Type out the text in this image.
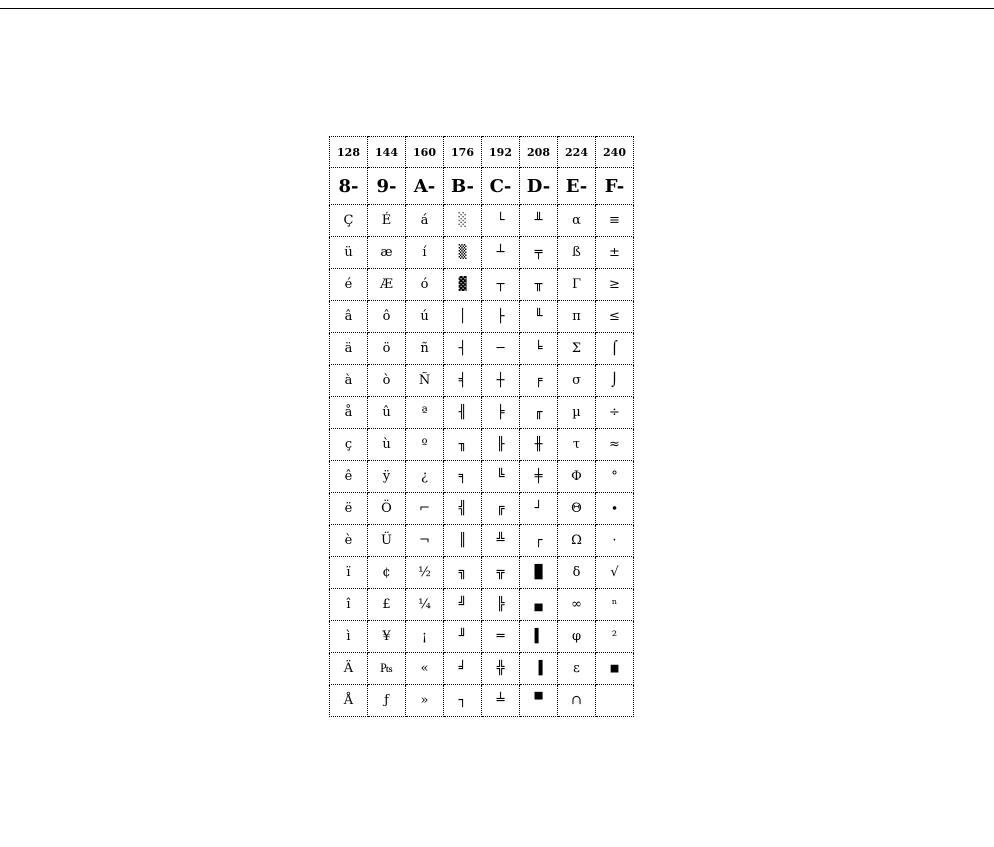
128	144	160	176	192	208	224	240
8-	9-	A-	B-	C-	D-	E-	F-
Ç	É	á	░	└	╨	α	≡
ü	æ	í	▒	┴	╤	ß	±
é	Æ	ó	▓	┬	╥	Γ	≥
â	ô	ú	│	├	╙	π	≤
ä	ö	ñ	┤	─	╘	Σ	⌠
à	ò	Ñ	╡	┼	╒	σ	⌡
å	û	ª	╢	╞	╓	µ	÷
ç	ù	º	╖	╟	╫	τ	≈
ê	ÿ	¿	╕	╚	╪	Φ	°
ë	Ö	⌐	╣	╔	┘	Θ	∙
è	Ü	¬	║	╩	┌	Ω	·
ï	¢	½	╗	╦	█	δ	√
î	£	¼	╝	╠	▄	∞	ⁿ
ì	¥	¡	╜	═	▌	φ	²
Ä	₧	«	╛	╬	▐	ε	■
Å	ƒ	»	┐	╧	▀	∩	
